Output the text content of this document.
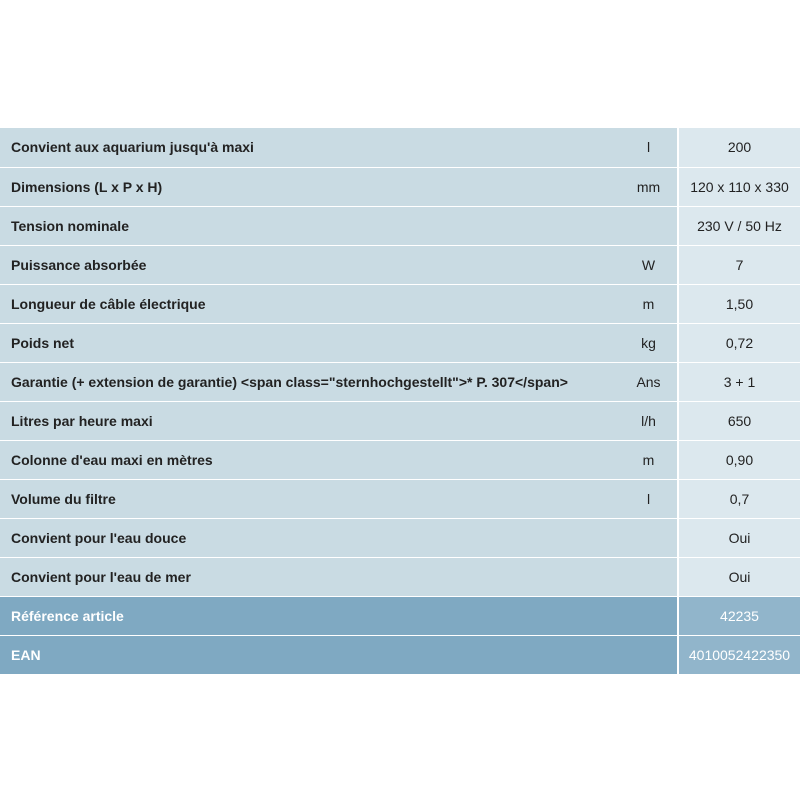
Convient aux aquarium jusqu'à maxi	l	200
Dimensions (L x P x H)	mm	120 x 110 x 330
Tension nominale		230 V / 50 Hz
Puissance absorbée	W	7
Longueur de câble électrique	m	1,50
Poids net	kg	0,72
Garantie (+ extension de garantie) <span class="sternhochgestellt">* P. 307</span>	Ans	3 + 1
Litres par heure maxi	l/h	650
Colonne d'eau maxi en mètres	m	0,90
Volume du filtre	l	0,7
Convient pour l'eau douce		Oui
Convient pour l'eau de mer		Oui
Référence article		42235
EAN		4010052422350
